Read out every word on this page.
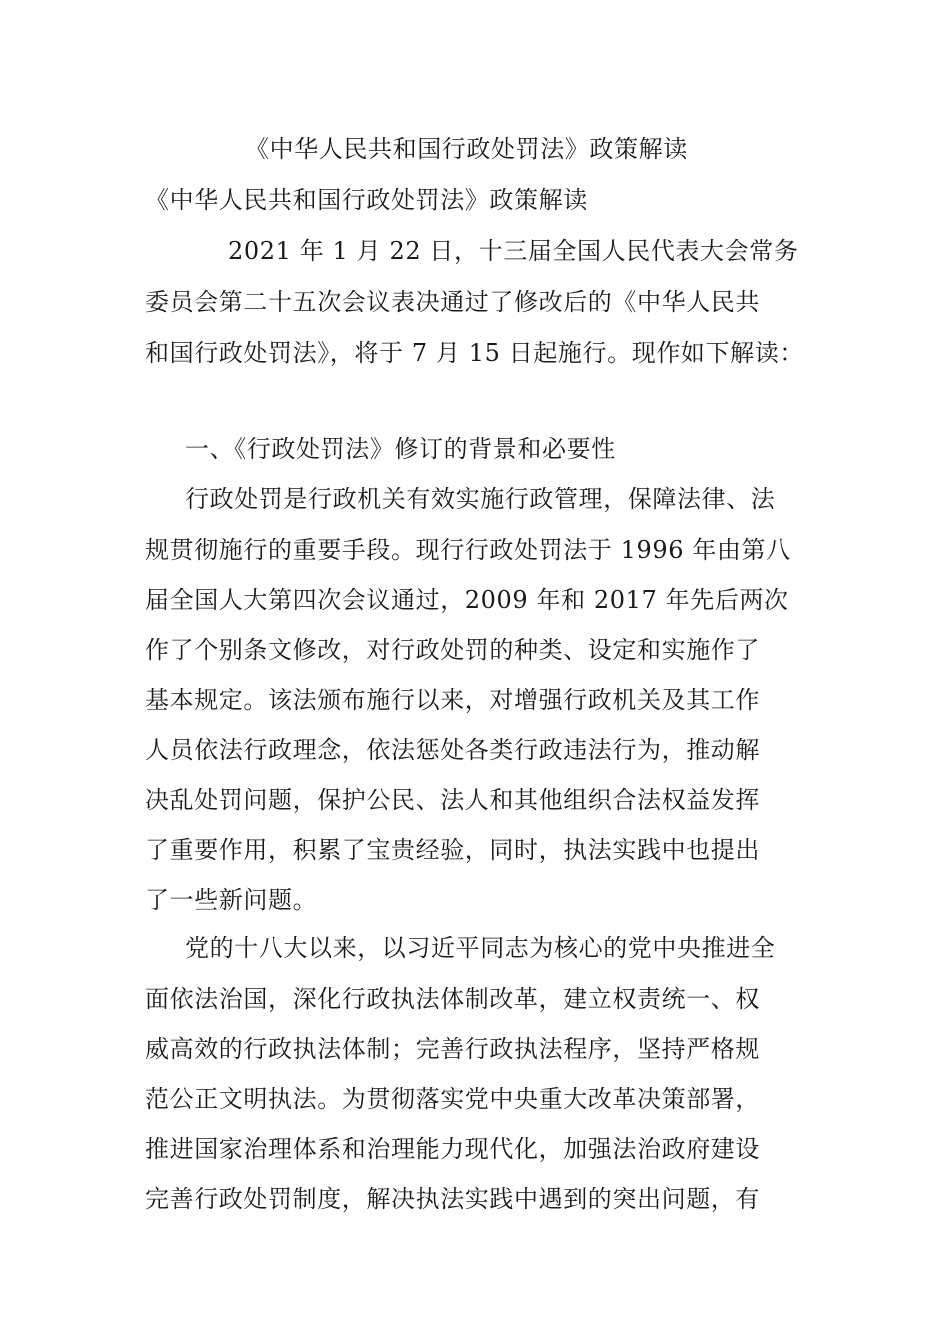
《中华人民共和国行政处罚法》政策解读
《中华人民共和国行政处罚法》政策解读
2021 年 1 月 22 日，十三届全国人民代表大会常务
委员会第二十五次会议表决通过了修改后的《中华人民共
和国行政处罚法》，将于 7 月 15 日起施行。现作如下解读：
一、《行政处罚法》修订的背景和必要性
行政处罚是行政机关有效实施行政管理，保障法律、法
规贯彻施行的重要手段。现行行政处罚法于 1996 年由第八
届全国人大第四次会议通过，2009 年和 2017 年先后两次
作了个别条文修改，对行政处罚的种类、设定和实施作了
基本规定。该法颁布施行以来，对增强行政机关及其工作
人员依法行政理念，依法惩处各类行政违法行为，推动解
决乱处罚问题，保护公民、法人和其他组织合法权益发挥
了重要作用，积累了宝贵经验，同时，执法实践中也提出
了一些新问题。
党的十八大以来，以习近平同志为核心的党中央推进全
面依法治国，深化行政执法体制改革，建立权责统一、权
威高效的行政执法体制；完善行政执法程序，坚持严格规
范公正文明执法。为贯彻落实党中央重大改革决策部署，
推进国家治理体系和治理能力现代化，加强法治政府建设
完善行政处罚制度，解决执法实践中遇到的突出问题，有
